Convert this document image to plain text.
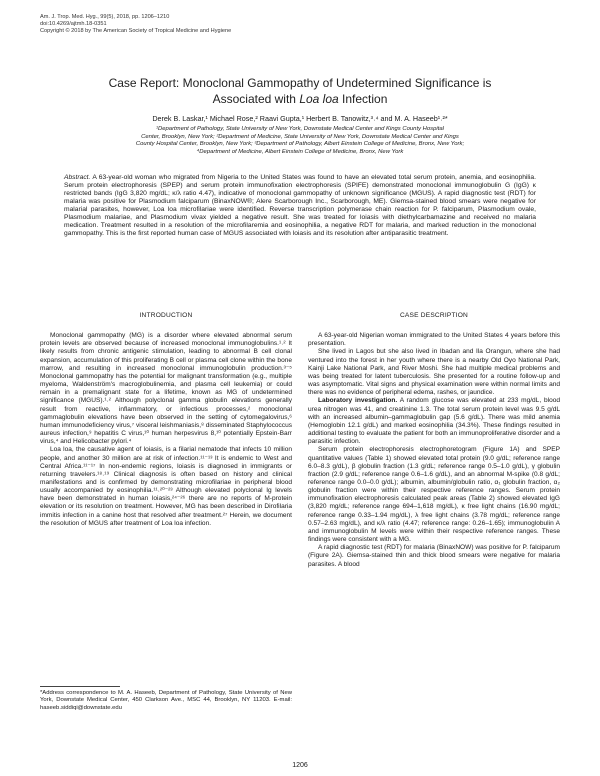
Am. J. Trop. Med. Hyg., 99(5), 2018, pp. 1206–1210
doi:10.4269/ajtmh.18-0351
Copyright © 2018 by The American Society of Tropical Medicine and Hygiene
Case Report: Monoclonal Gammopathy of Undetermined Significance is
Associated with Loa loa Infection
Derek B. Laskar,¹ Michael Rose,² Raavi Gupta,¹ Herbert B. Tanowitz,³˒⁴ and M. A. Haseeb¹˒²*
¹Department of Pathology, State University of New York, Downstate Medical Center and Kings County Hospital
Center, Brooklyn, New York; ²Department of Medicine, State University of New York, Downstate Medical Center and Kings
County Hospital Center, Brooklyn, New York; ³Department of Pathology, Albert Einstein College of Medicine, Bronx, New York;
⁴Department of Medicine, Albert Einstein College of Medicine, Bronx, New York
Abstract. A 63-year-old woman who migrated from Nigeria to the United States was found to have an elevated total serum protein, anemia, and eosinophilia. Serum protein electrophoresis (SPEP) and serum protein immunofixation electrophoresis (SPIFE) demonstrated monoclonal immunoglobulin G (IgG) κ restricted bands (IgG 3,820 mg/dL; κ/λ ratio 4.47), indicative of monoclonal gammopathy of unknown significance (MGUS). A rapid diagnostic test (RDT) for malaria was positive for Plasmodium falciparum (BinaxNOW®; Alere Scarborough Inc., Scarborough, ME). Giemsa-stained blood smears were negative for malarial parasites, however, Loa loa microfilariae were identified. Reverse transcription polymerase chain reaction for P. falciparum, Plasmodium ovale, Plasmodium malariae, and Plasmodium vivax yielded a negative result. She was treated for loiasis with diethylcarbamazine and received no malaria medication. Treatment resulted in a resolution of the microfilaremia and eosinophilia, a negative RDT for malaria, and marked reduction in the monoclonal gammopathy. This is the first reported human case of MGUS associated with loiasis and its resolution after antiparasitic treatment.
INTRODUCTION

Monoclonal gammopathy (MG) is a disorder where elevated abnormal serum protein levels are observed because of increased monoclonal immunoglobulins.¹˒² It likely results from chronic antigenic stimulation, leading to abnormal B cell clonal expansion, accumulation of this proliferating B cell or plasma cell clone within the bone marrow, and resulting in increased monoclonal immunoglobulin production.³⁻⁵ Monoclonal gammopathy has the potential for malignant transformation (e.g., multiple myeloma, Waldenström's macroglobulinemia, and plasma cell leukemia) or could remain in a premalignant state for a lifetime, known as MG of undetermined significance (MGUS).¹˒² Although polyclonal gamma globulin elevations generally result from reactive, inflammatory, or infectious processes,² monoclonal gammaglobulin elevations have been observed in the setting of cytomegalovirus,⁶ human immunodeficiency virus,⁷ visceral leishmaniasis,⁸ disseminated Staphylococcus aureus infection,⁹ hepatitis C virus,¹⁰ human herpesvirus 8,¹⁰ potentially Epstein-Barr virus,⁴ and Helicobacter pylori.⁴

Loa loa, the causative agent of loiasis, is a filarial nematode that infects 10 million people, and another 30 million are at risk of infection.¹¹⁻¹³ It is endemic to West and Central Africa.¹¹⁻¹⁷ In non-endemic regions, loiasis is diagnosed in immigrants or returning travelers.¹⁸˒¹⁹ Clinical diagnosis is often based on history and clinical manifestations and is confirmed by demonstrating microfilariae in peripheral blood usually accompanied by eosinophilia.¹¹˒²⁰⁻²³ Although elevated polyclonal Ig levels have been demonstrated in human loiasis,²⁴⁻²⁶ there are no reports of M-protein elevation or its resolution on treatment. However, MG has been described in Dirofilaria immitis infection in a canine host that resolved after treatment.²⁷ Herein, we document the resolution of MGUS after treatment of Loa loa infection.

*Address correspondence to M. A. Haseeb, Department of Pathology, State University of New York, Downstate Medical Center, 450 Clarkson Ave., MSC 44, Brooklyn, NY 11203. E-mail: haseeb.siddiqi@downstate.edu
CASE DESCRIPTION

A 63-year-old Nigerian woman immigrated to the United States 4 years before this presentation.

She lived in Lagos but she also lived in Ibadan and Ila Orangun, where she had ventured into the forest in her youth where there is a nearby Old Oyo National Park, Kainji Lake National Park, and River Moshi. She had multiple medical problems and was being treated for latent tuberculosis. She presented for a routine follow-up and was asymptomatic. Vital signs and physical examination were within normal limits and there was no evidence of peripheral edema, rashes, or jaundice.

Laboratory investigation. A random glucose was elevated at 233 mg/dL, blood urea nitrogen was 41, and creatinine 1.3. The total serum protein level was 9.5 g/dL with an increased albumin–gammaglobulin gap (5.6 g/dL). There was mild anemia (Hemoglobin 12.1 g/dL) and marked eosinophilia (34.3%). These findings resulted in additional testing to evaluate the patient for both an immunoproliferative disorder and a parasitic infection.

Serum protein electrophoresis electrophoretogram (Figure 1A) and SPEP quantitative values (Table 1) showed elevated total protein (9.0 g/dL; reference range 6.0–8.3 g/dL), β globulin fraction (1.3 g/dL; reference range 0.5–1.0 g/dL), γ globulin fraction (2.9 g/dL; reference range 0.6–1.6 g/dL), and an abnormal M-spike (0.8 g/dL; reference range 0.0–0.0 g/dL); albumin, albumin/globulin ratio, α₁ globulin fraction, α₂ globulin fraction were within their respective reference ranges. Serum protein immunofixation electrophoresis calculated peak areas (Table 2) showed elevated IgG (3,820 mg/dL; reference range 694–1,618 mg/dL), κ free light chains (16.90 mg/dL; reference range 0.33–1.94 mg/dL), λ free light chains (3.78 mg/dL; reference range 0.57–2.63 mg/dL), and κ/λ ratio (4.47; reference range: 0.26–1.65); immunoglobulin A and immunoglobulin M levels were within their respective reference ranges. These findings were consistent with a MG.

A rapid diagnostic test (RDT) for malaria (BinaxNOW) was positive for P. falciparum (Figure 2A). Giemsa-stained thin and thick blood smears were negative for malaria parasites. A blood

1206
